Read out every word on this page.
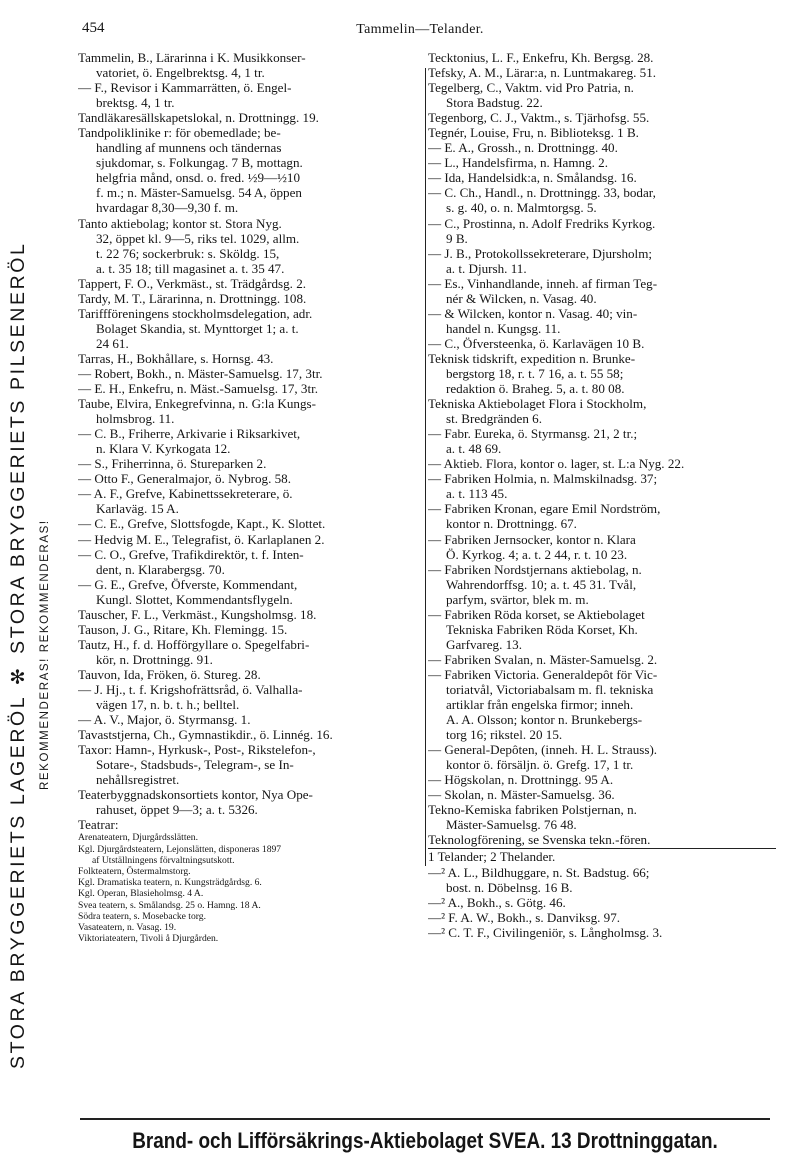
454	Tammelin—Telander.
STORA BRYGGERIETS LAGERÖL ✻ STORA BRYGGERIETS PILSENERÖL REKOMMENDERAS! REKOMMENDERAS!
Tammelin, B., Lärarinna i K. Musikkonser-
vatoriet, ö. Engelbrektsg. 4, 1 tr.
— F., Revisor i Kammarrätten, ö. Engel-
brektsg. 4, 1 tr.
Tandläkaresällskapetslokal, n. Drottningg. 19.
Tandpoliklinike r: för obemedlade; be-
handling af munnens och tändernas
sjukdomar, s. Folkungag. 7 B, mottagn.
helgfria månd, onsd. o. fred. ½9—½10
f. m.; n. Mäster-Samuelsg. 54 A, öppen
hvardagar 8,30—9,30 f. m.
Tanto aktiebolag; kontor st. Stora Nyg.
32, öppet kl. 9—5, riks tel. 1029, allm.
t. 22 76; sockerbruk: s. Sköldg. 15,
a. t. 35 18; till magasinet a. t. 35 47.
Tappert, F. O., Verkmäst., st. Trädgårdsg. 2.
Tardy, M. T., Lärarinna, n. Drottningg. 108.
Tariffföreningens stockholmsdelegation, adr.
Bolaget Skandia, st. Mynttorget 1; a. t.
24 61.
Tarras, H., Bokhållare, s. Hornsg. 43.
— Robert, Bokh., n. Mäster-Samuelsg. 17, 3tr.
— E. H., Enkefru, n. Mäst.-Samuelsg. 17, 3tr.
Taube, Elvira, Enkegrefvinna, n. G:la Kungs-
holmsbrog. 11.
— C. B., Friherre, Arkivarie i Riksarkivet,
n. Klara V. Kyrkogata 12.
— S., Friherrinna, ö. Stureparken 2.
— Otto F., Generalmajor, ö. Nybrog. 58.
— A. F., Grefve, Kabinettssekreterare, ö.
Karlaväg. 15 A.
— C. E., Grefve, Slottsfogde, Kapt., K. Slottet.
— Hedvig M. E., Telegrafist, ö. Karlaplanen 2.
— C. O., Grefve, Trafikdirektör, t. f. Inten-
dent, n. Klarabergsg. 70.
— G. E., Grefve, Öfverste, Kommendant,
Kungl. Slottet, Kommendantsflygeln.
Tauscher, F. L., Verkmäst., Kungsholmsg. 18.
Tauson, J. G., Ritare, Kh. Flemingg. 15.
Tautz, H., f. d. Hofförgyllare o. Spegelfabri-
kör, n. Drottningg. 91.
Tauvon, Ida, Fröken, ö. Stureg. 28.
— J. Hj., t. f. Krigshofrättsråd, ö. Valhalla-
vägen 17, n. b. t. h.; belltel.
— A. V., Major, ö. Styrmansg. 1.
Tavaststjerna, Ch., Gymnastikdir., ö. Linnég. 16.
Taxor: Hamn-, Hyrkusk-, Post-, Rikstelefon-,
Sotare-, Stadsbuds-, Telegram-, se In-
nehållsregistret.
Teaterbyggnadskonsortiets kontor, Nya Ope-
rahuset, öppet 9—3; a. t. 5326.
Teatrar:
Arenateatern, Djurgårdsslätten.
Kgl. Djurgårdsteatern, Lejonslätten, disponeras 1897
af Utställningens förvaltningsutskott.
Folkteatern, Östermalmstorg.
Kgl. Dramatiska teatern, n. Kungsträdgårdsg. 6.
Kgl. Operan, Blasieholmsg. 4 A.
Svea teatern, s. Smålandsg. 25 o. Hamng. 18 A.
Södra teatern, s. Mosebacke torg.
Vasateatern, n. Vasag. 19.
Viktoriateatern, Tivoli å Djurgården.
Tecktonius, L. F., Enkefru, Kh. Bergsg. 28.
Tefsky, A. M., Lärar:a, n. Luntmakareg. 51.
Tegelberg, C., Vaktm. vid Pro Patria, n.
Stora Badstug. 22.
Tegenborg, C. J., Vaktm., s. Tjärhofsg. 55.
Tegnér, Louise, Fru, n. Biblioteksg. 1 B.
— E. A., Grossh., n. Drottningg. 40.
— L., Handelsfirma, n. Hamng. 2.
— Ida, Handelsidk:a, n. Smålandsg. 16.
— C. Ch., Handl., n. Drottningg. 33, bodar,
s. g. 40, o. n. Malmtorgsg. 5.
— C., Prostinna, n. Adolf Fredriks Kyrkog.
9 B.
— J. B., Protokollssekreterare, Djursholm;
a. t. Djursh. 11.
— Es., Vinhandlande, inneh. af firman Teg-
nér & Wilcken, n. Vasag. 40.
— & Wilcken, kontor n. Vasag. 40; vin-
handel n. Kungsg. 11.
— C., Öfversteenka, ö. Karlavägen 10 B.
Teknisk tidskrift, expedition n. Brunke-
bergstorg 18, r. t. 7 16, a. t. 55 58;
redaktion ö. Braheg. 5, a. t. 80 08.
Tekniska Aktiebolaget Flora i Stockholm,
st. Bredgränden 6.
— Fabr. Eureka, ö. Styrmansg. 21, 2 tr.;
a. t. 48 69.
— Aktieb. Flora, kontor o. lager, st. L:a Nyg. 22.
— Fabriken Holmia, n. Malmskilnadsg. 37;
a. t. 113 45.
— Fabriken Kronan, egare Emil Nordström,
kontor n. Drottningg. 67.
— Fabriken Jernsocker, kontor n. Klara
Ö. Kyrkog. 4; a. t. 2 44, r. t. 10 23.
— Fabriken Nordstjernans aktiebolag, n.
Wahrendorffsg. 10; a. t. 45 31. Tvål,
parfym, svärtor, blek m. m.
— Fabriken Röda korset, se Aktiebolaget
Tekniska Fabriken Röda Korset, Kh.
Garfvareg. 13.
— Fabriken Svalan, n. Mäster-Samuelsg. 2.
— Fabriken Victoria. Generaldepôt för Vic-
toriatvål, Victoriabalsam m. fl. tekniska
artiklar från engelska firmor; inneh.
A. A. Olsson; kontor n. Brunkebergs-
torg 16; rikstel. 20 15.
— General-Depôten, (inneh. H. L. Strauss).
kontor ö. försäljn. ö. Grefg. 17, 1 tr.
— Högskolan, n. Drottningg. 95 A.
— Skolan, n. Mäster-Samuelsg. 36.
Tekno-Kemiska fabriken Polstjernan, n.
Mäster-Samuelsg. 76 48.
Teknologförening, se Svenska tekn.-fören.
1 Telander; 2 Thelander.
—² A. L., Bildhuggare, n. St. Badstug. 66;
bost. n. Döbelnsg. 16 B.
—² A., Bokh., s. Götg. 46.
—² F. A. W., Bokh., s. Danviksg. 97.
—² C. T. F., Civilingeniör, s. Långholmsg. 3.
Brand- och Lifförsäkrings-Aktiebolaget SVEA. 13 Drottninggatan.
